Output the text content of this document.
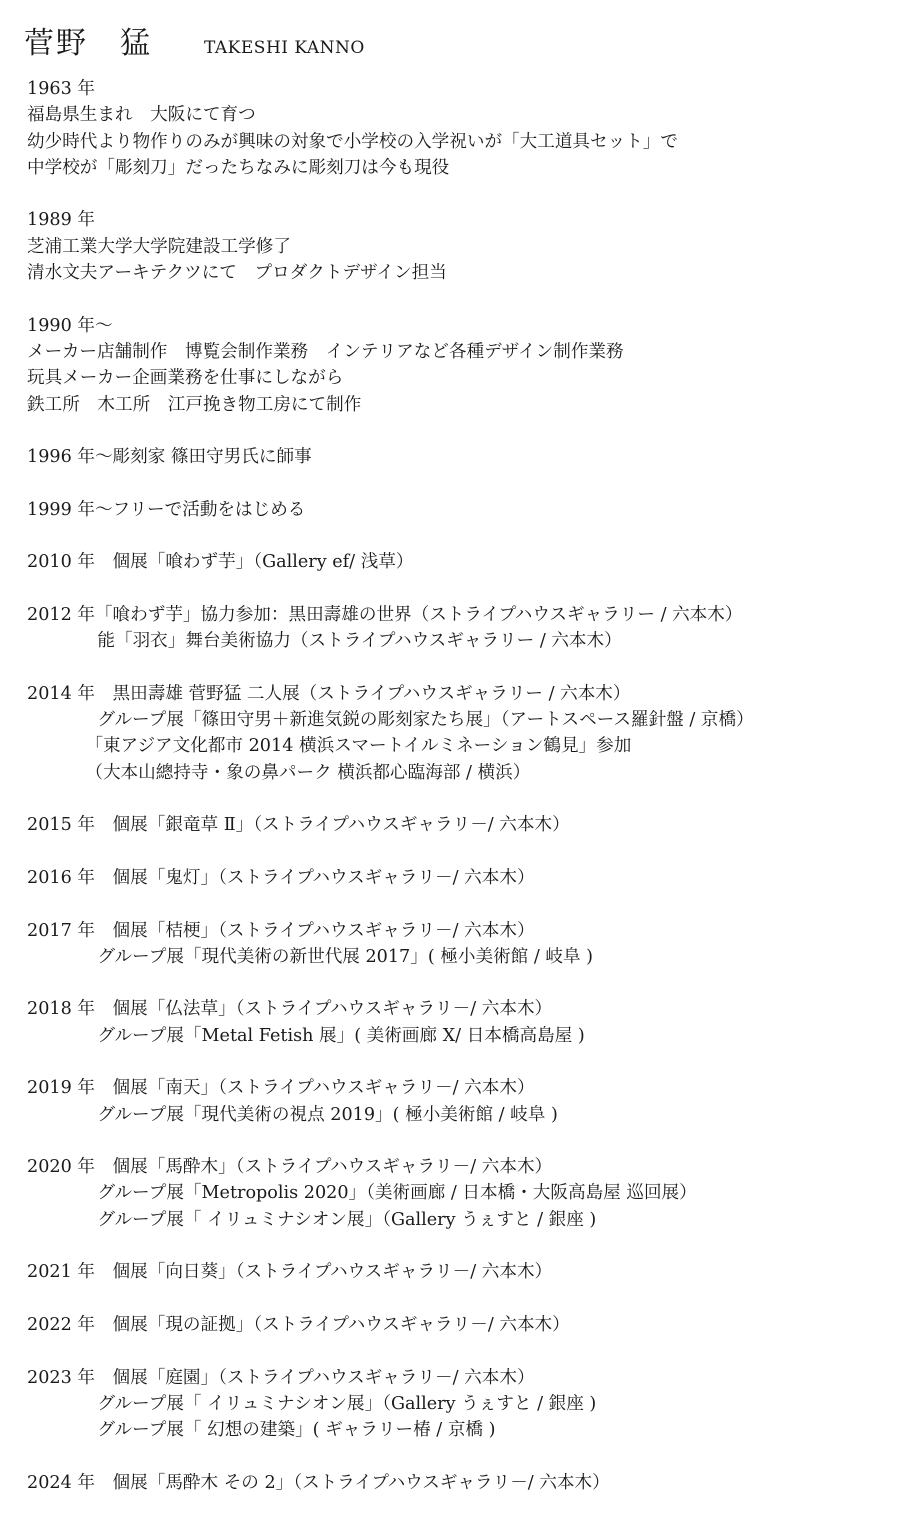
菅野　猛	TAKESHI KANNO
1963 年
福島県生まれ　大阪にて育つ
幼少時代より物作りのみが興味の対象で小学校の入学祝いが「大工道具セット」で
中学校が「彫刻刀」だったちなみに彫刻刀は今も現役
1989 年
芝浦工業大学大学院建設工学修了
清水文夫アーキテクツにて　プロダクトデザイン担当
1990 年～
メーカー店舗制作　博覧会制作業務　インテリアなど各種デザイン制作業務
玩具メーカー企画業務を仕事にしながら
鉄工所　木工所　江戸挽き物工房にて制作
1996 年～彫刻家 篠田守男氏に師事
1999 年～フリーで活動をはじめる
2010 年　個展「喰わず芋」（Gallery ef/ 浅草）
2012 年「喰わず芋」協力参加：黒田壽雄の世界（ストライプハウスギャラリー / 六本木）
　　　　能「羽衣」舞台美術協力（ストライプハウスギャラリー / 六本木）
2014 年　黒田壽雄 菅野猛 二人展（ストライプハウスギャラリー / 六本木）
　　　　グループ展「篠田守男＋新進気鋭の彫刻家たち展」（アートスペース羅針盤 / 京橋）
　　　 「東アジア文化都市 2014 横浜スマートイルミネーション鶴見」参加
　　　 （大本山總持寺・象の鼻パーク 横浜都心臨海部 / 横浜）
2015 年　個展「銀竜草 Ⅱ」（ストライプハウスギャラリ－/ 六本木）
2016 年　個展「鬼灯」（ストライプハウスギャラリ－/ 六本木）
2017 年　個展「桔梗」（ストライプハウスギャラリ－/ 六本木）
　　　　グループ展「現代美術の新世代展 2017」( 極小美術館 / 岐阜 )
2018 年　個展「仏法草」（ストライプハウスギャラリ－/ 六本木）
　　　　グループ展「Metal Fetish 展」( 美術画廊 X/ 日本橋高島屋 )
2019 年　個展「南天」（ストライプハウスギャラリ－/ 六本木）
　　　　グループ展「現代美術の視点 2019」( 極小美術館 / 岐阜 )
2020 年　個展「馬酔木」（ストライプハウスギャラリ－/ 六本木）
　　　　グループ展「Metropolis 2020」（美術画廊 / 日本橋・大阪高島屋 巡回展）
　　　　グループ展「 イリュミナシオン展」（Gallery うぇすと / 銀座 )
2021 年　個展「向日葵」（ストライプハウスギャラリ－/ 六本木）
2022 年　個展「現の証拠」（ストライプハウスギャラリ－/ 六本木）
2023 年　個展「庭園」（ストライプハウスギャラリ－/ 六本木）
　　　　グループ展「 イリュミナシオン展」（Gallery うぇすと / 銀座 )
　　　　グループ展「 幻想の建築」( ギャラリー椿 / 京橋 )
2024 年　個展「馬酔木 その 2」（ストライプハウスギャラリ－/ 六本木）
